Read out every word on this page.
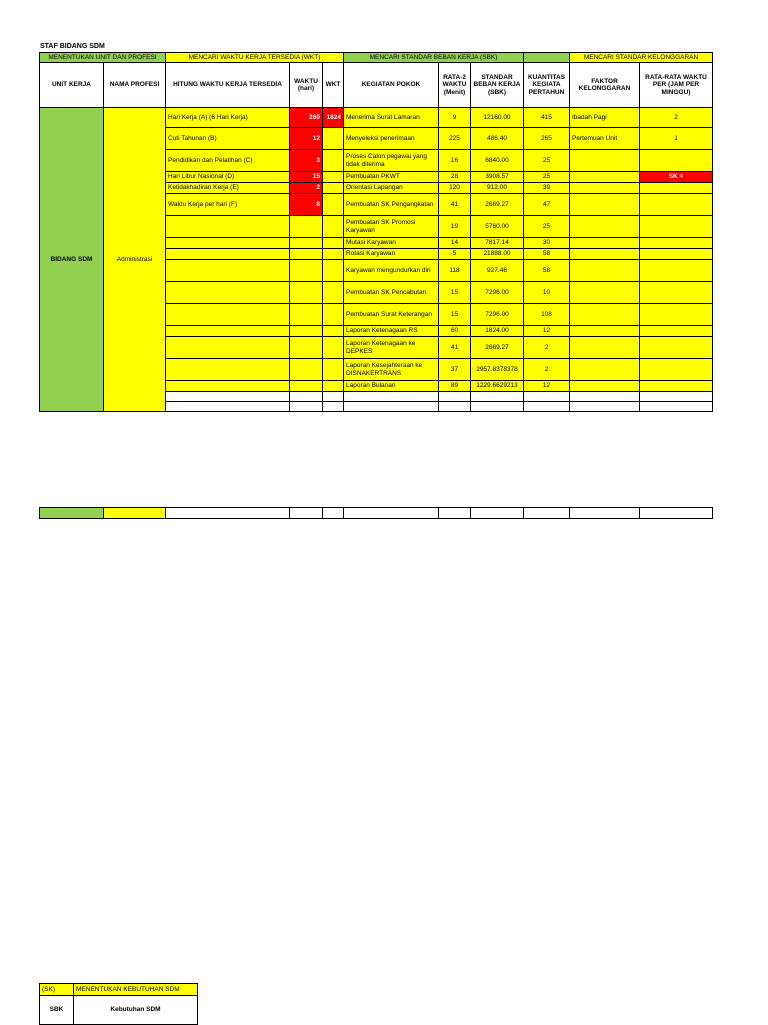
STAF BIDANG SDM
MENENTUKAN UNIT DAN PROFESI		MENCARI WAKTU KERJA TERSEDIA (WKT)			MENCARI STANDAR BEBAN KERJA (SBK)				MENCARI STANDAR KELONGGARAN	
UNIT KERJA	NAMA PROFESI	HITUNG WAKTU KERJA TERSEDIA	WAKTU (hari)	WKT	KEGIATAN POKOK	RATA-2 WAKTU (Menit)	STANDAR BEBAN KERJA (SBK)	KUANTITAS KEGIATA PERTAHUN	FAKTOR KELONGGARAN	RATA-RATA WAKTU PER (JAM PER MINGGU)
BIDANG SDM	Administrasi	Hari Kerja (A) (6 Hari Kerja)	260	1824	Menerima Surat Lamaran	9	12160.00	415	Ibadah Pagi	2
		Cuti Tahunan (B)	12		Menyeleksi penerimaan	225	486.40	265	Pertemuan Unit	1
		Pendidikan dan Pelatihan (C)	3		Proses Calon pegawai yang tidak diterima	16	6840.00	25		
		Hari Libur Nasional (D)	15		Pembuatan PKWT	28	3908.57	25		SK =
		Ketidakhadiran Kerja (E)	2		Orientasi Lapangan	120	912.00	39		
		Waktu Kerja per hari (F)	8		Pembuatan SK Pengangkatan	41	2669.27	47		
					Pembuatan SK Promosi Karyawan	19	5760.00	25		
					Mutasi Karyawan	14	7817.14	30		
					Rotasi Karyawan	5	21888.00	58		
					Karyawan mengundurkan diri	118	927.46	58		
					Pembuatan SK Pencabutan	15	7296.00	10		
					Pembuatan Surat Keterangan	15	7296.00	108		
					Laporan Ketenagaan RS	60	1824.00	12		
					Laporan Ketenagaan ke DEPKES	41	2669.27	2		
					Laporan Kesejahteraan ke DISNAKERTRANS	37	2957.8378378	2		
					Laporan Bulanan	89	1229.6629213	12		

(SK)	MENENTUKAN KEBUTUHAN SDM
SBK	Kebutuhan SDM
